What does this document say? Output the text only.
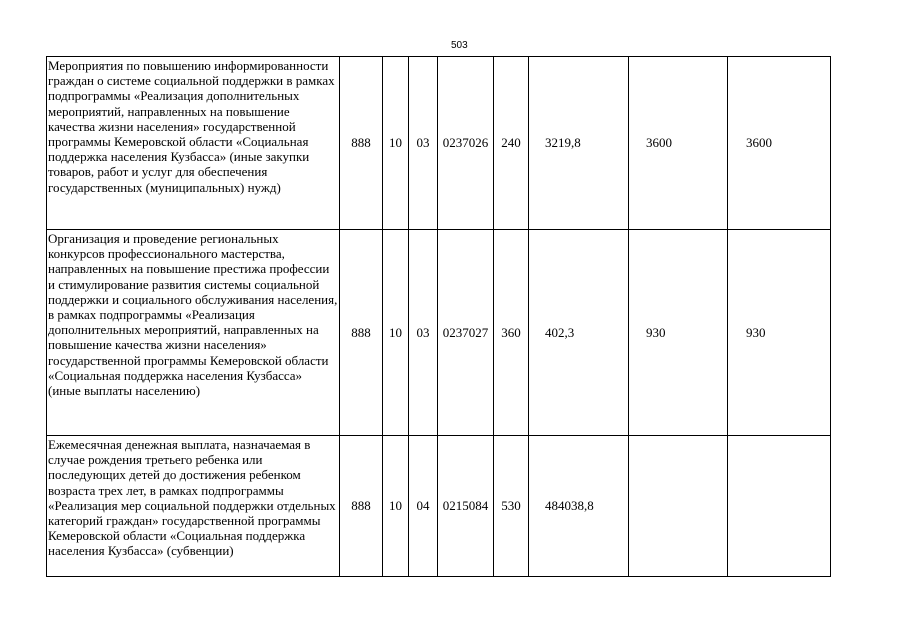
503
Мероприятия по повышению информированности граждан о системе социальной поддержки в рамках подпрограммы «Реализация дополнительных мероприятий, направленных на повышение качества жизни населения» государственной программы Кемеровской области «Социальная поддержка населения Кузбасса» (иные закупки товаров, работ и услуг для обеспечения государственных (муниципальных) нужд)	888	10	03	0237026	240	3219,8	3600	3600
Организация и проведение региональных конкурсов профессионального мастерства, направленных на повышение престижа профессии и стимулирование развития системы социальной поддержки и социального обслуживания населения, в рамках подпрограммы «Реализация дополнительных мероприятий, направленных на повышение качества жизни населения» государственной программы Кемеровской области «Социальная поддержка населения Кузбасса» (иные выплаты населению)	888	10	03	0237027	360	402,3	930	930
Ежемесячная денежная выплата, назначаемая в случае рождения третьего ребенка или последующих детей до достижения ребенком возраста трех лет, в рамках подпрограммы «Реализация мер социальной поддержки отдельных категорий граждан» государственной программы Кемеровской области «Социальная поддержка населения Кузбасса» (субвенции)	888	10	04	0215084	530	484038,8		
